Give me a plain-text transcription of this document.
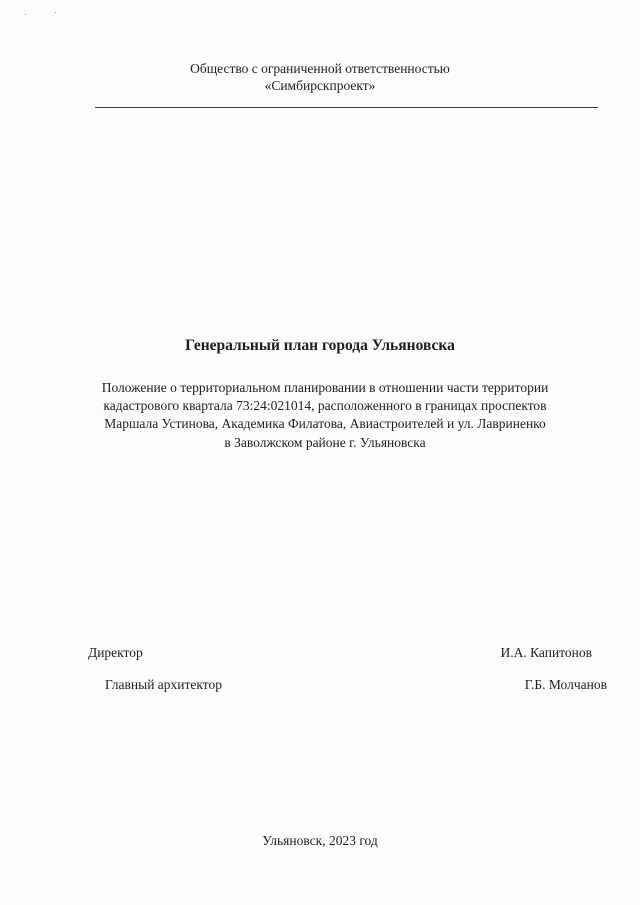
Общество с ограниченной ответственностью
«Симбирскпроект»
Генеральный план города Ульяновска
Положение о территориальном планировании в отношении части территории
кадастрового квартала 73:24:021014, расположенного в границах проспектов
Маршала Устинова, Академика Филатова, Авиастроителей и ул. Лавриненко
в Заволжском районе г. Ульяновска
Директор	И.А. Капитонов
Главный архитектор	Г.Б. Молчанов
Ульяновск, 2023 год
